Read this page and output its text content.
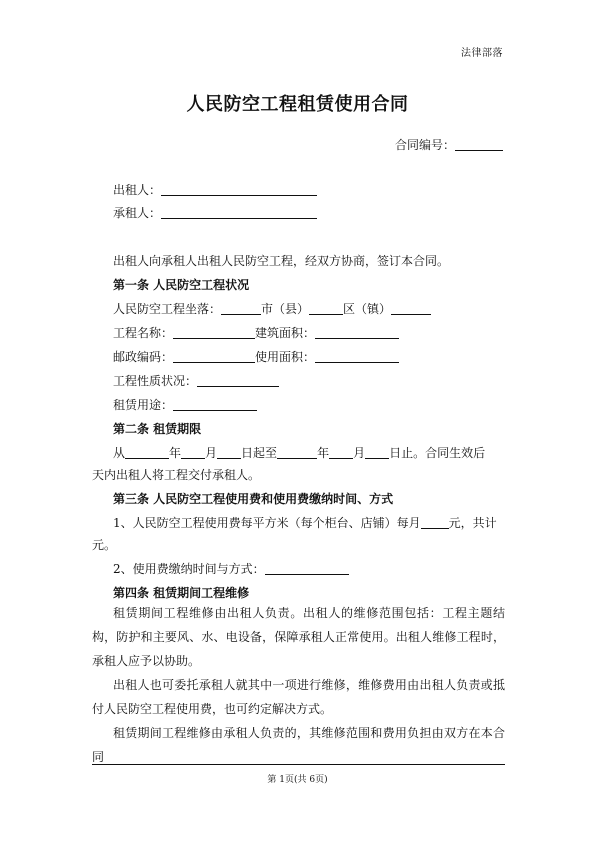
法律部落
人民防空工程租赁使用合同
合同编号：
出租人：
承租人：
出租人向承租人出租人民防空工程，经双方协商，签订本合同。
第一条 人民防空工程状况
人民防空工程坐落：	市（县）	区（镇）
工程名称：	建筑面积：
邮政编码：	使用面积：
工程性质状况：
租赁用途：
第二条 租赁期限
从	年 月 日起至	年 月 日止。合同生效后
天内出租人将工程交付承租人。
第三条 人民防空工程使用费和使用费缴纳时间、方式
1、人民防空工程使用费每平方米（每个柜台、店铺）每月 元，共计
元。
2、使用费缴纳时间与方式：
第四条 租赁期间工程维修
租赁期间工程维修由出租人负责。出租人的维修范围包括：工程主题结构，防护和主要风、水、电设备，保障承租人正常使用。出租人维修工程时，承租人应予以协助。
出租人也可委托承租人就其中一项进行维修，维修费用由出租人负责或抵付人民防空工程使用费，也可约定解决方式。
租赁期间工程维修由承租人负责的，其维修范围和费用负担由双方在本合同
第 1页(共 6页)
